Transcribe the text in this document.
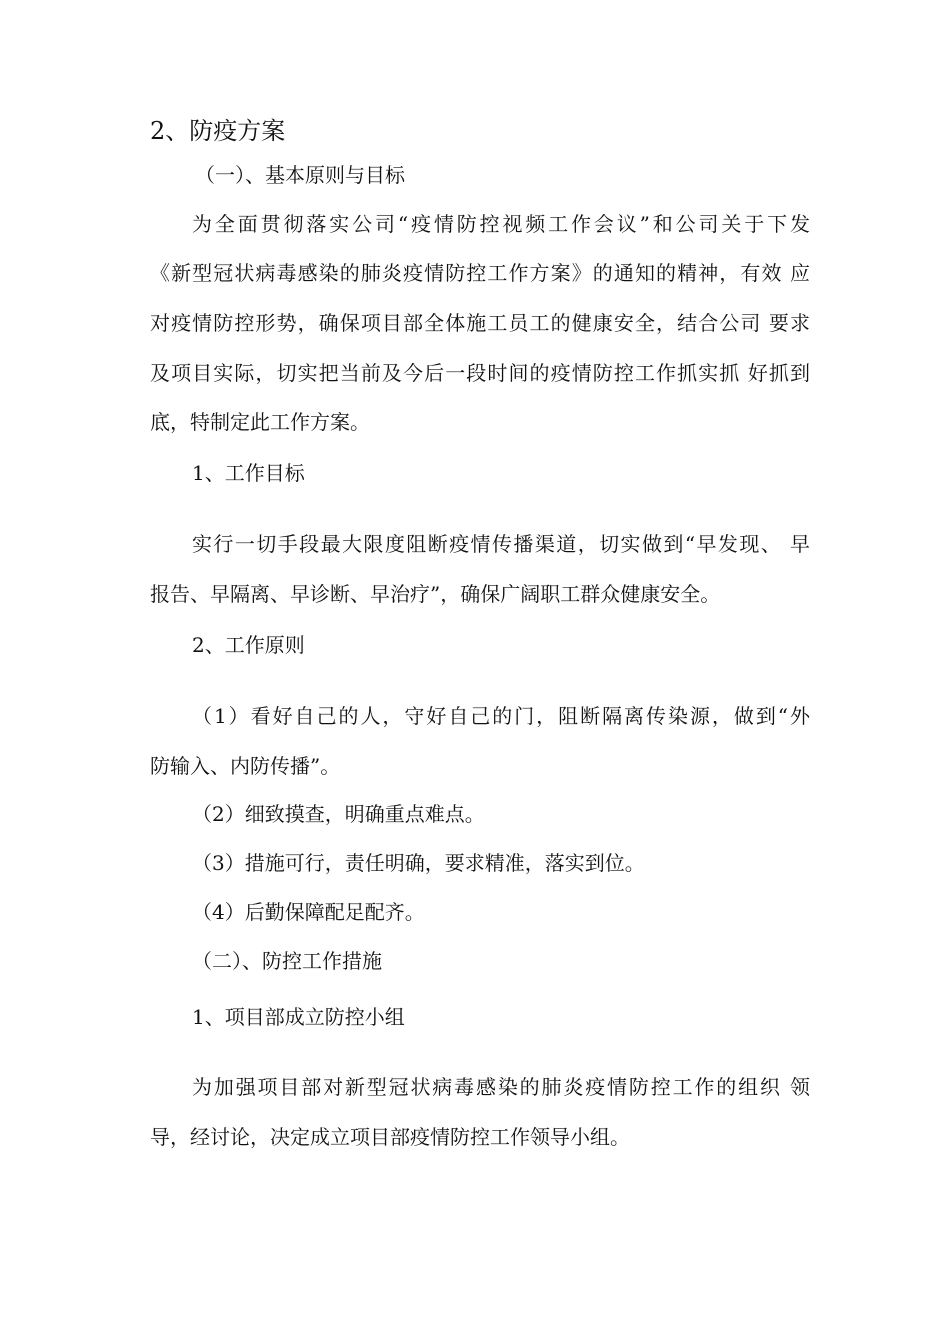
2、防疫方案
（一）、基本原则与目标
为全面贯彻落实公司“疫情防控视频工作会议”和公司关于下发
《新型冠状病毒感染的肺炎疫情防控工作方案》的通知的精神，有效 应
对疫情防控形势，确保项目部全体施工员工的健康安全，结合公司 要求
及项目实际，切实把当前及今后一段时间的疫情防控工作抓实抓 好抓到
底，特制定此工作方案。
1、工作目标
实行一切手段最大限度阻断疫情传播渠道，切实做到“早发现、 早
报告、早隔离、早诊断、早治疗”，确保广阔职工群众健康安全。
2、工作原则
（1）看好自己的人，守好自己的门，阻断隔离传染源，做到“外
防输入、内防传播”。
（2）细致摸查，明确重点难点。
（3）措施可行，责任明确，要求精准，落实到位。
（4）后勤保障配足配齐。
（二）、防控工作措施
1、项目部成立防控小组
为加强项目部对新型冠状病毒感染的肺炎疫情防控工作的组织 领
导，经讨论，决定成立项目部疫情防控工作领导小组。
